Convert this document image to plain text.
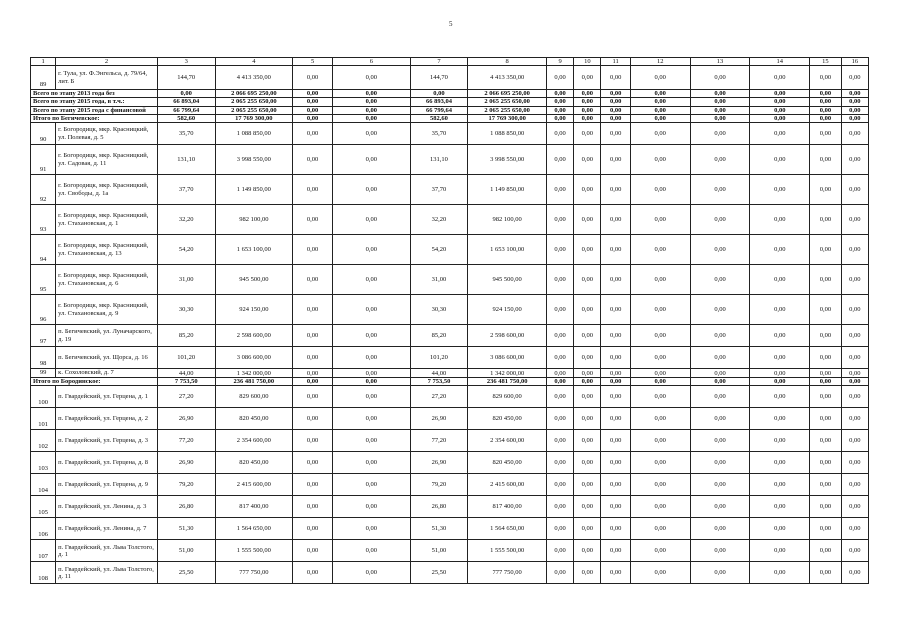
5
1	2	3	4	5	6	7	8	9	10	11	12	13	14	15	16
89	г. Тула, ул. Ф.Энгельса, д. 79/64, лит. Б	144,70	4 413 350,00	0,00	0,00	144,70	4 413 350,00	0,00	0,00	0,00	0,00	0,00	0,00	0,00	0,00
Всего по этапу 2013 года без		0,00	2 066 695 250,00	0,00	0,00	0,00	2 066 695 250,00	0,00	0,00	0,00	0,00	0,00	0,00	0,00	0,00
Всего по этапу 2015 года, в т.ч.:		66 893,04	2 065 255 650,00	0,00	0,00	66 893,04	2 065 255 650,00	0,00	0,00	0,00	0,00	0,00	0,00	0,00	0,00
Всего по этапу 2015 года с финансовой		66 799,64	2 065 255 650,00	0,00	0,00	66 799,64	2 065 255 650,00	0,00	0,00	0,00	0,00	0,00	0,00	0,00	0,00
Итого по Бегичевское:		582,60	17 769 300,00	0,00	0,00	582,60	17 769 300,00	0,00	0,00	0,00	0,00	0,00	0,00	0,00	0,00
90	г. Богородицк, мкр. Красницкий, ул. Полевая, д. 5	35,70	1 088 850,00	0,00	0,00	35,70	1 088 850,00	0,00	0,00	0,00	0,00	0,00	0,00	0,00	0,00
91	г. Богородицк, мкр. Красницкий, ул. Садовая, д. 11	131,10	3 998 550,00	0,00	0,00	131,10	3 998 550,00	0,00	0,00	0,00	0,00	0,00	0,00	0,00	0,00
92	г. Богородицк, мкр. Красницкий, ул. Свободы, д. 1а	37,70	1 149 850,00	0,00	0,00	37,70	1 149 850,00	0,00	0,00	0,00	0,00	0,00	0,00	0,00	0,00
93	г. Богородицк, мкр. Красницкий, ул. Стахановская, д. 1	32,20	982 100,00	0,00	0,00	32,20	982 100,00	0,00	0,00	0,00	0,00	0,00	0,00	0,00	0,00
94	г. Богородицк, мкр. Красницкий, ул. Стахановская, д. 13	54,20	1 653 100,00	0,00	0,00	54,20	1 653 100,00	0,00	0,00	0,00	0,00	0,00	0,00	0,00	0,00
95	г. Богородицк, мкр. Красницкий, ул. Стахановская, д. 6	31,00	945 500,00	0,00	0,00	31,00	945 500,00	0,00	0,00	0,00	0,00	0,00	0,00	0,00	0,00
96	г. Богородицк, мкр. Красницкий, ул. Стахановская, д. 9	30,30	924 150,00	0,00	0,00	30,30	924 150,00	0,00	0,00	0,00	0,00	0,00	0,00	0,00	0,00
97	п. Бегичевский, ул. Луначарского, д. 19	85,20	2 598 600,00	0,00	0,00	85,20	2 598 600,00	0,00	0,00	0,00	0,00	0,00	0,00	0,00	0,00
98	п. Бегичевский, ул. Щорса, д. 16	101,20	3 086 600,00	0,00	0,00	101,20	3 086 600,00	0,00	0,00	0,00	0,00	0,00	0,00	0,00	0,00
99	к. Сохоловский, д. 7	44,00	1 342 000,00	0,00	0,00	44,00	1 342 000,00	0,00	0,00	0,00	0,00	0,00	0,00	0,00	0,00
Итого по Бородинское:		7 753,50	236 481 750,00	0,00	0,00	7 753,50	236 481 750,00	0,00	0,00	0,00	0,00	0,00	0,00	0,00	0,00
100	п. Гвардейский, ул. Герцена, д. 1	27,20	829 600,00	0,00	0,00	27,20	829 600,00	0,00	0,00	0,00	0,00	0,00	0,00	0,00	0,00
101	п. Гвардейский, ул. Герцена, д. 2	26,90	820 450,00	0,00	0,00	26,90	820 450,00	0,00	0,00	0,00	0,00	0,00	0,00	0,00	0,00
102	п. Гвардейский, ул. Герцена, д. 3	77,20	2 354 600,00	0,00	0,00	77,20	2 354 600,00	0,00	0,00	0,00	0,00	0,00	0,00	0,00	0,00
103	п. Гвардейский, ул. Герцена, д. 8	26,90	820 450,00	0,00	0,00	26,90	820 450,00	0,00	0,00	0,00	0,00	0,00	0,00	0,00	0,00
104	п. Гвардейский, ул. Герцена, д. 9	79,20	2 415 600,00	0,00	0,00	79,20	2 415 600,00	0,00	0,00	0,00	0,00	0,00	0,00	0,00	0,00
105	п. Гвардейский, ул. Ленина, д. 3	26,80	817 400,00	0,00	0,00	26,80	817 400,00	0,00	0,00	0,00	0,00	0,00	0,00	0,00	0,00
106	п. Гвардейский, ул. Ленина, д. 7	51,30	1 564 650,00	0,00	0,00	51,30	1 564 650,00	0,00	0,00	0,00	0,00	0,00	0,00	0,00	0,00
107	п. Гвардейский, ул. Льва Толстого, д. 1	51,00	1 555 500,00	0,00	0,00	51,00	1 555 500,00	0,00	0,00	0,00	0,00	0,00	0,00	0,00	0,00
108	п. Гвардейский, ул. Льва Толстого, д. 11	25,50	777 750,00	0,00	0,00	25,50	777 750,00	0,00	0,00	0,00	0,00	0,00	0,00	0,00	0,00
